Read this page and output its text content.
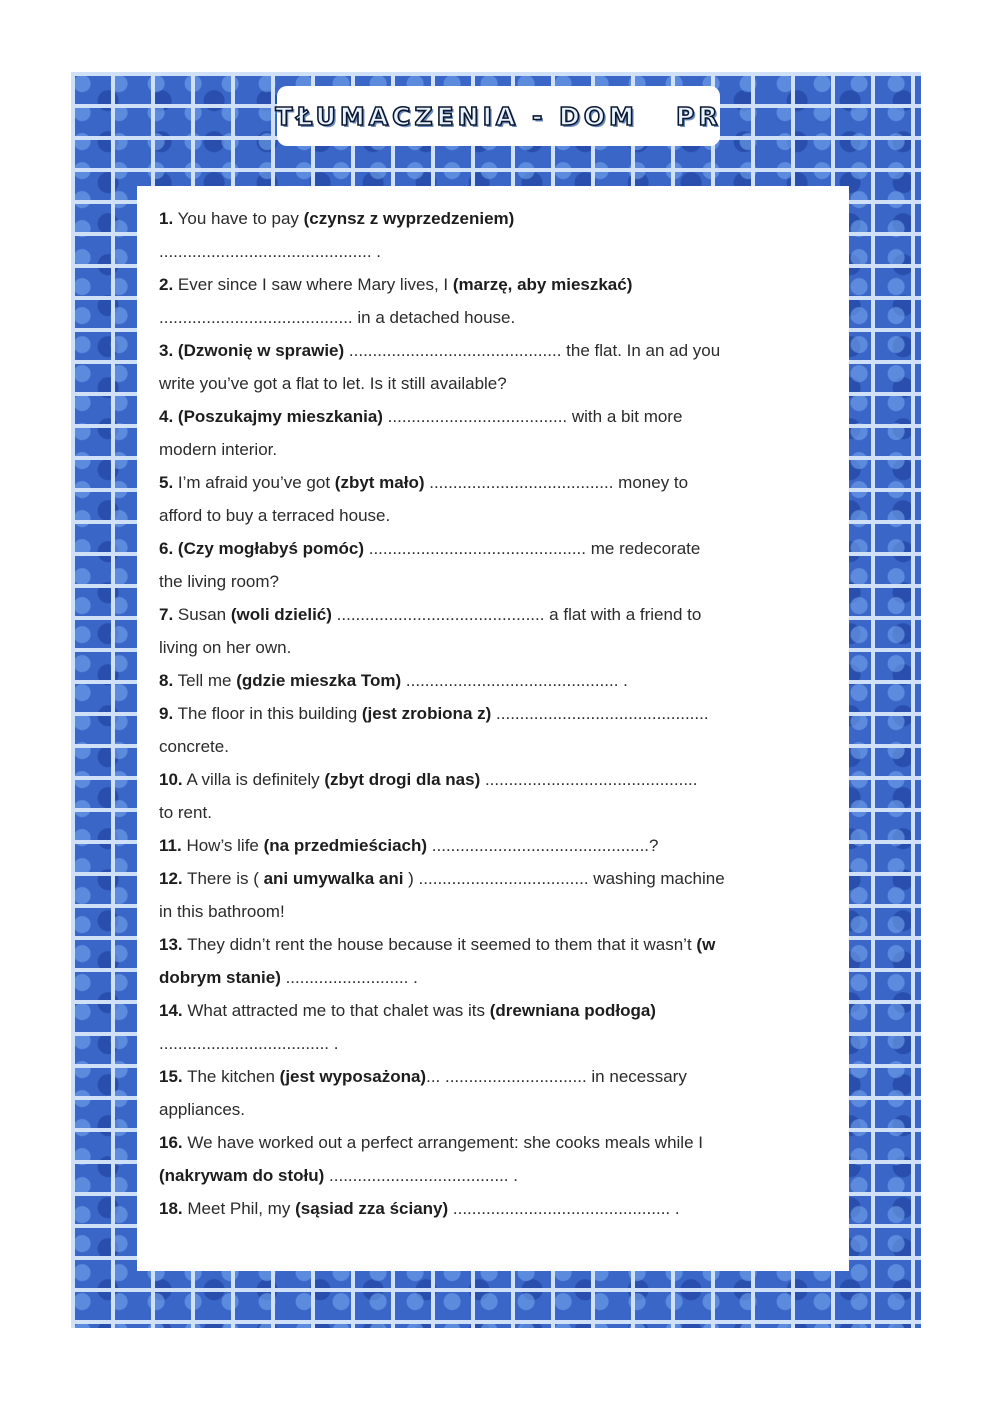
TŁUMACZENIA - DOM   PR

1. You have to pay (czynsz z wyprzedzeniem)
............................................. .

2. Ever since I saw where Mary lives, I (marzę, aby mieszkać)
......................................... in a detached house.

3. (Dzwonię w sprawie) ............................................. the flat. In an ad you
write you’ve got a flat to let. Is it still available?

4. (Poszukajmy mieszkania) ...................................... with a bit more
modern interior.

5. I’m afraid you’ve got (zbyt mało) ....................................... money to
afford to buy a terraced house.

6. (Czy mogłabyś pomóc) .............................................. me redecorate
the living room?

7. Susan (woli dzielić) ............................................ a flat with a friend to
living on her own.

8. Tell me (gdzie mieszka Tom) ............................................. .

9. The floor in this building (jest zrobiona z) .............................................
concrete.

10. A villa is definitely (zbyt drogi dla nas) .............................................
to rent.

11. How’s life (na przedmieściach) ..............................................?

12. There is ( ani umywalka ani ) .................................... washing machine
in this bathroom!

13. They didn’t rent the house because it seemed to them that it wasn’t (w
dobrym stanie) .......................... .

14. What attracted me to that chalet was its (drewniana podłoga)
.................................... .

15. The kitchen (jest wyposażona)... .............................. in necessary
appliances.

16. We have worked out a perfect arrangement: she cooks meals while I
(nakrywam do stołu) ...................................... .

18. Meet Phil, my (sąsiad zza ściany) .............................................. .
